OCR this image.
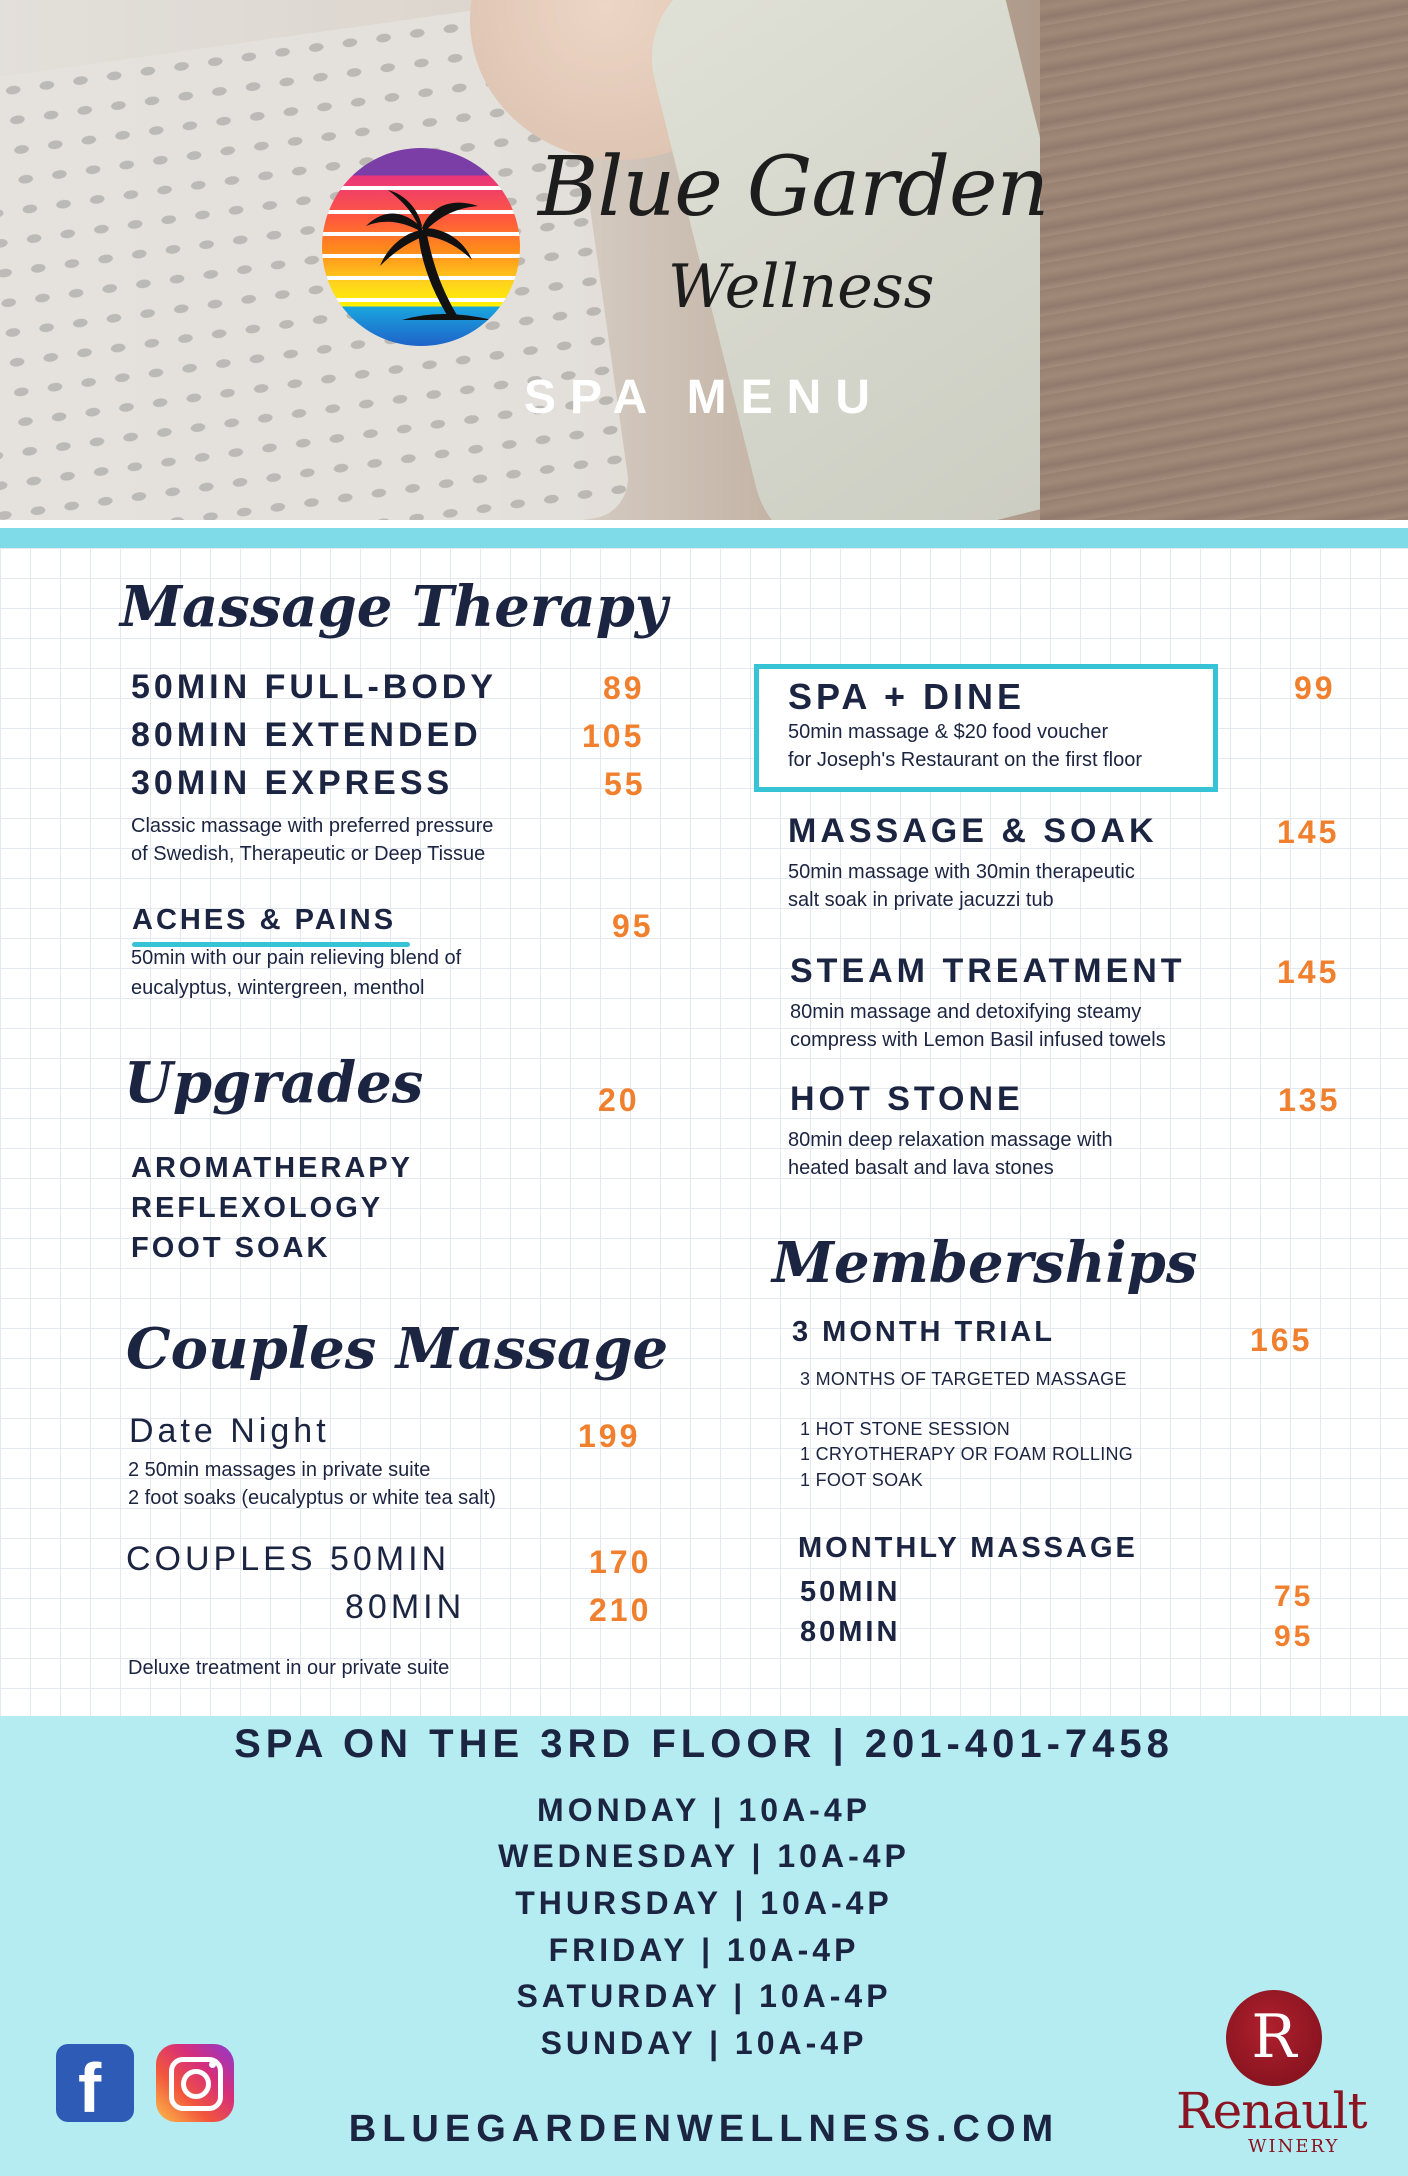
Blue Garden
Wellness
SPA MENU
Massage Therapy
50MIN FULL-BODY	89
80MIN EXTENDED	105
30MIN EXPRESS	55
Classic massage with preferred pressure
of Swedish, Therapeutic or Deep Tissue
ACHES & PAINS	95
50min with our pain relieving blend of
eucalyptus, wintergreen, menthol
Upgrades	20
AROMATHERAPY
REFLEXOLOGY
FOOT SOAK
Couples Massage
Date Night	199
2 50min massages in private suite
2 foot soaks (eucalyptus or white tea salt)
COUPLES 50MIN	170
80MIN	210
Deluxe treatment in our private suite
SPA + DINE	99
50min massage & $20 food voucher
for Joseph's Restaurant on the first floor
MASSAGE & SOAK	145
50min massage with 30min therapeutic
salt soak in private jacuzzi tub
STEAM TREATMENT	145
80min massage and detoxifying steamy
compress with Lemon Basil infused towels
HOT STONE	135
80min deep relaxation massage with
heated basalt and lava stones
Memberships
3 MONTH TRIAL	165
3 MONTHS OF TARGETED MASSAGE
1 HOT STONE SESSION
1 CRYOTHERAPY OR FOAM ROLLING
1 FOOT SOAK
MONTHLY MASSAGE
50MIN	75
80MIN	95
SPA ON THE 3RD FLOOR | 201-401-7458
MONDAY | 10A-4P
WEDNESDAY | 10A-4P
THURSDAY | 10A-4P
FRIDAY | 10A-4P
SATURDAY | 10A-4P
SUNDAY | 10A-4P
BLUEGARDENWELLNESS.COM
f
R
Renault
WINERY
